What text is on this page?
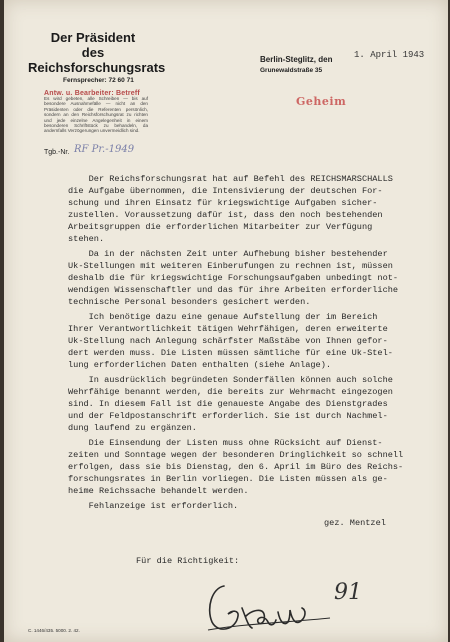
Der Präsident
des
Reichsforschungsrats
Fernsprecher: 72 60 71
Antw. u. Bearbeiter: Betreff
Es wird gebeten, alle Schreiben — bis auf besondere Ausnahmefälle — nicht an den Präsidenten oder die Referenten persönlich, sondern an den Reichsforschungsrat zu richten und jede einzelne Angelegenheit in einem besonderen Schriftstück zu behandeln, da andernfalls Verzögerungen unvermeidlich sind.
Tgb.-Nr. RF Pr.-1949
Berlin-Steglitz, den 1. April 1943
Grunewaldstraße 35
Geheim
Der Reichsforschungsrat hat auf Befehl des REICHSMARSCHALLS
die Aufgabe übernommen, die Intensivierung der deutschen For-
schung und ihren Einsatz für kriegswichtige Aufgaben sicher-
zustellen. Voraussetzung dafür ist, dass den noch bestehenden
Arbeitsgruppen die erforderlichen Mitarbeiter zur Verfügung
stehen.
Da in der nächsten Zeit unter Aufhebung bisher bestehender
Uk-Stellungen mit weiteren Einberufungen zu rechnen ist, müssen
deshalb die für kriegswichtige Forschungsaufgaben unbedingt not-
wendigen Wissenschaftler und das für ihre Arbeiten erforderliche
technische Personal besonders gesichert werden.
Ich benötige dazu eine genaue Aufstellung der im Bereich
Ihrer Verantwortlichkeit tätigen Wehrfähigen, deren erweiterte
Uk-Stellung nach Anlegung schärfster Maßstäbe von Ihnen gefor-
dert werden muss. Die Listen müssen sämtliche für eine Uk-Stel-
lung erforderlichen Daten enthalten (siehe Anlage).
In ausdrücklich begründeten Sonderfällen können auch solche
Wehrfähige benannt werden, die bereits zur Wehrmacht eingezogen
sind. In diesem Fall ist die genaueste Angabe des Dienstgrades
und der Feldpostanschrift erforderlich. Sie ist durch Nachmel-
dung laufend zu ergänzen.
Die Einsendung der Listen muss ohne Rücksicht auf Dienst-
zeiten und Sonntage wegen der besonderen Dringlichkeit so schnell
erfolgen, dass sie bis Dienstag, den 6. April im Büro des Reichs-
forschungsrates in Berlin vorliegen. Die Listen müssen als ge-
heime Reichssache behandelt werden.
Fehlanzeige ist erforderlich.
gez. Mentzel
Für die Richtigkeit:
91
C. 1446/435. 5000. 2. 42.
